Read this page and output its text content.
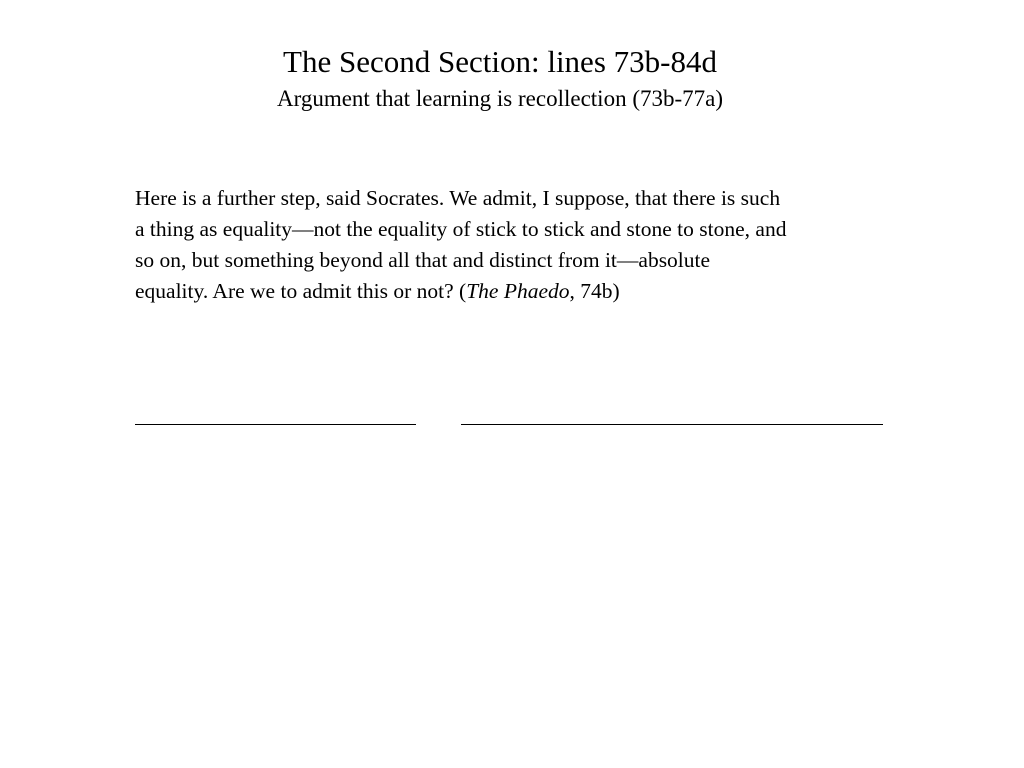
The Second Section: lines 73b-84d
Argument that learning is recollection (73b-77a)
Here is a further step, said Socrates. We admit, I suppose, that there is such
a thing as equality—not the equality of stick to stick and stone to stone, and
so on, but something beyond all that and distinct from it—absolute
equality. Are we to admit this or not? (The Phaedo, 74b)
